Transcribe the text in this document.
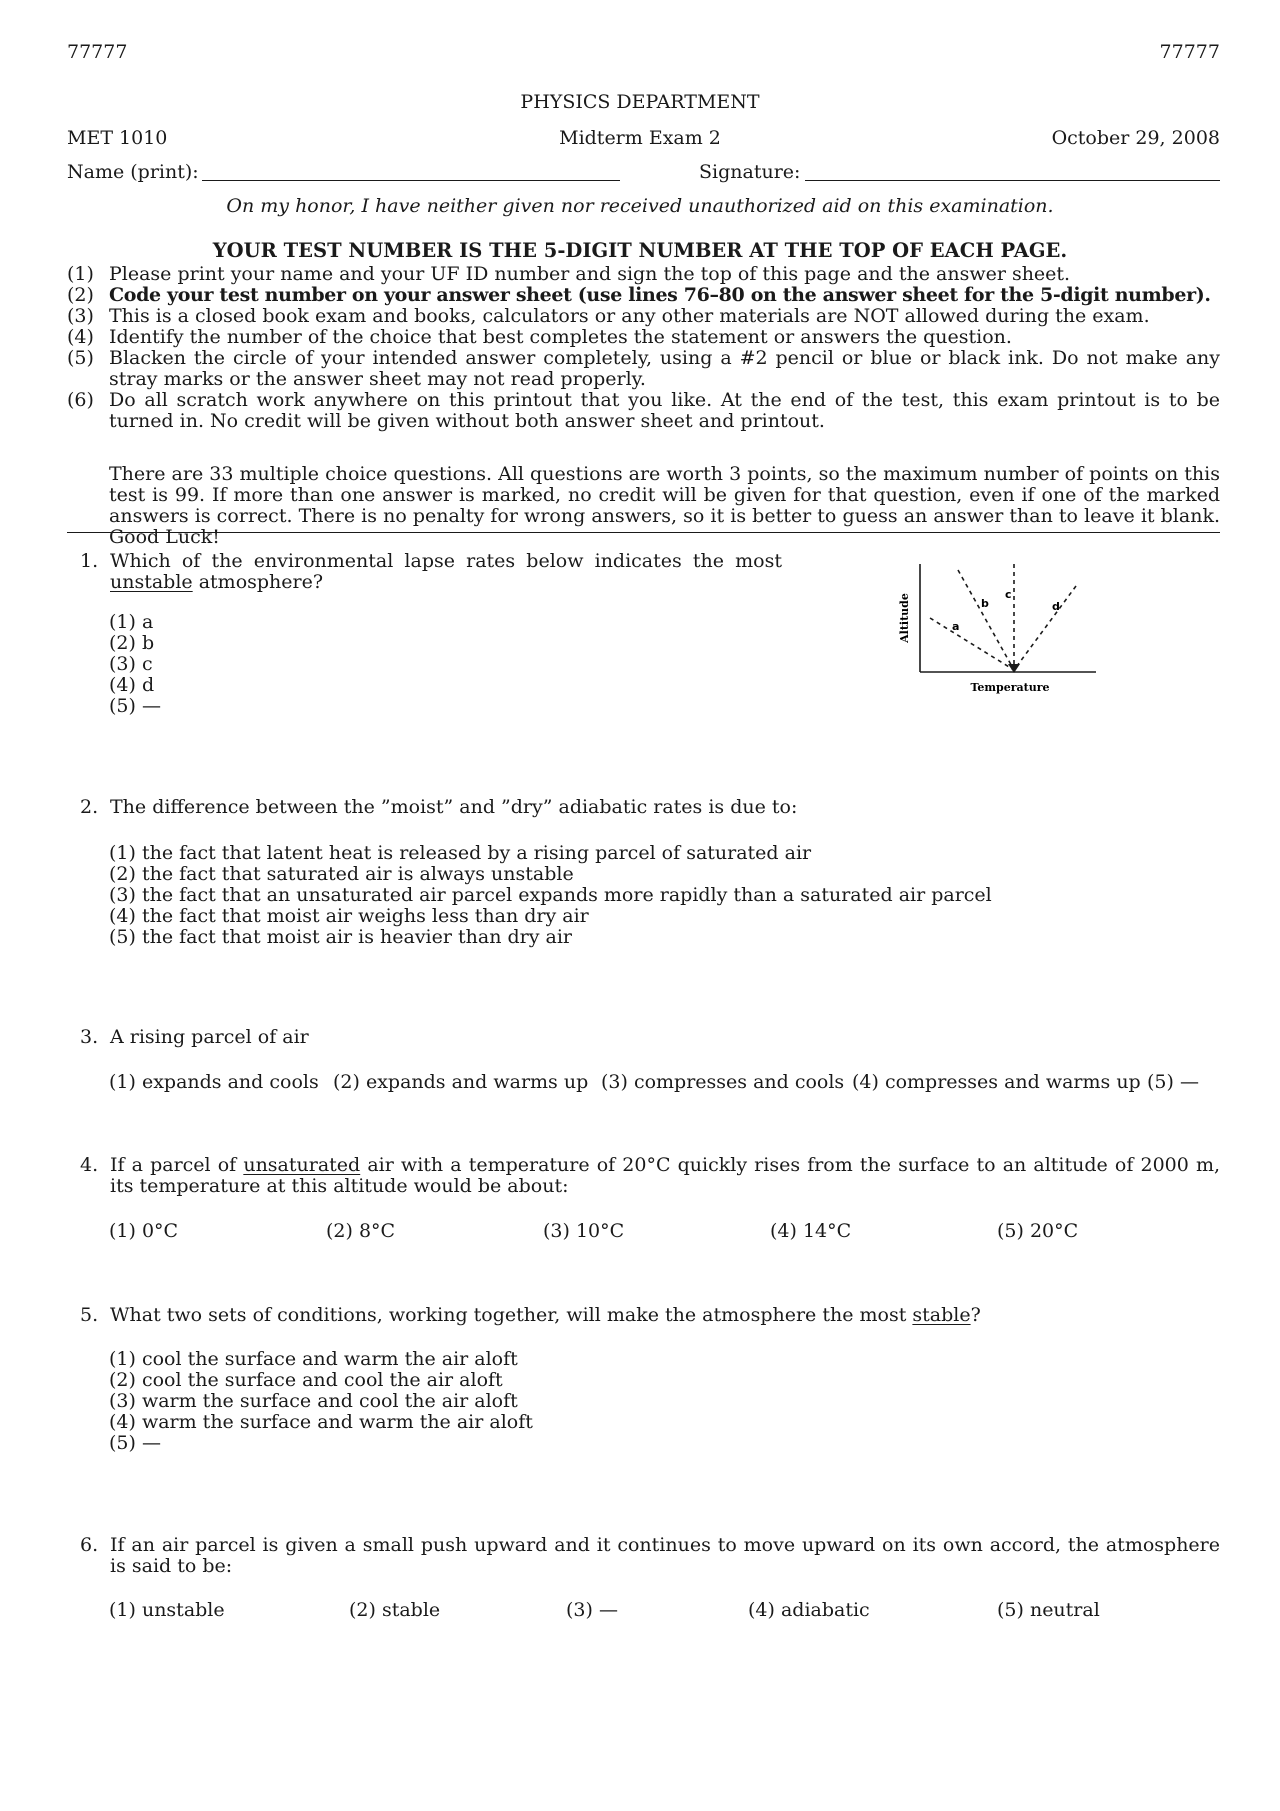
77777	77777
PHYSICS DEPARTMENT
MET 1010	Midterm Exam 2	October 29, 2008
Name (print):	Signature:
On my honor, I have neither given nor received unauthorized aid on this examination.
YOUR TEST NUMBER IS THE 5-DIGIT NUMBER AT THE TOP OF EACH PAGE.
(1) Please print your name and your UF ID number and sign the top of this page and the answer sheet.
(2) Code your test number on your answer sheet (use lines 76–80 on the answer sheet for the 5-digit number).
(3) This is a closed book exam and books, calculators or any other materials are NOT allowed during the exam.
(4) Identify the number of the choice that best completes the statement or answers the question.
(5) Blacken the circle of your intended answer completely, using a #2 pencil or blue or black ink. Do not make any stray marks or the answer sheet may not read properly.
(6) Do all scratch work anywhere on this printout that you like. At the end of the test, this exam printout is to be turned in. No credit will be given without both answer sheet and printout.
There are 33 multiple choice questions. All questions are worth 3 points, so the maximum number of points on this test is 99. If more than one answer is marked, no credit will be given for that question, even if one of the marked answers is correct. There is no penalty for wrong answers, so it is better to guess an answer than to leave it blank. Good Luck!
1. Which of the environmental lapse rates below indicates the most unstable atmosphere?
(1) a
(2) b
(3) c
(4) d
(5) —
Altitude
Temperature
a
b
c
d
2. The difference between the ”moist” and ”dry” adiabatic rates is due to:
(1) the fact that latent heat is released by a rising parcel of saturated air
(2) the fact that saturated air is always unstable
(3) the fact that an unsaturated air parcel expands more rapidly than a saturated air parcel
(4) the fact that moist air weighs less than dry air
(5) the fact that moist air is heavier than dry air
3. A rising parcel of air
(1) expands and cools (2) expands and warms up (3) compresses and cools (4) compresses and warms up (5) —
4. If a parcel of unsaturated air with a temperature of 20°C quickly rises from the surface to an altitude of 2000 m, its temperature at this altitude would be about:
(1) 0°C	(2) 8°C	(3) 10°C	(4) 14°C	(5) 20°C
5. What two sets of conditions, working together, will make the atmosphere the most stable?
(1) cool the surface and warm the air aloft
(2) cool the surface and cool the air aloft
(3) warm the surface and cool the air aloft
(4) warm the surface and warm the air aloft
(5) —
6. If an air parcel is given a small push upward and it continues to move upward on its own accord, the atmosphere is said to be:
(1) unstable	(2) stable	(3) —	(4) adiabatic	(5) neutral
